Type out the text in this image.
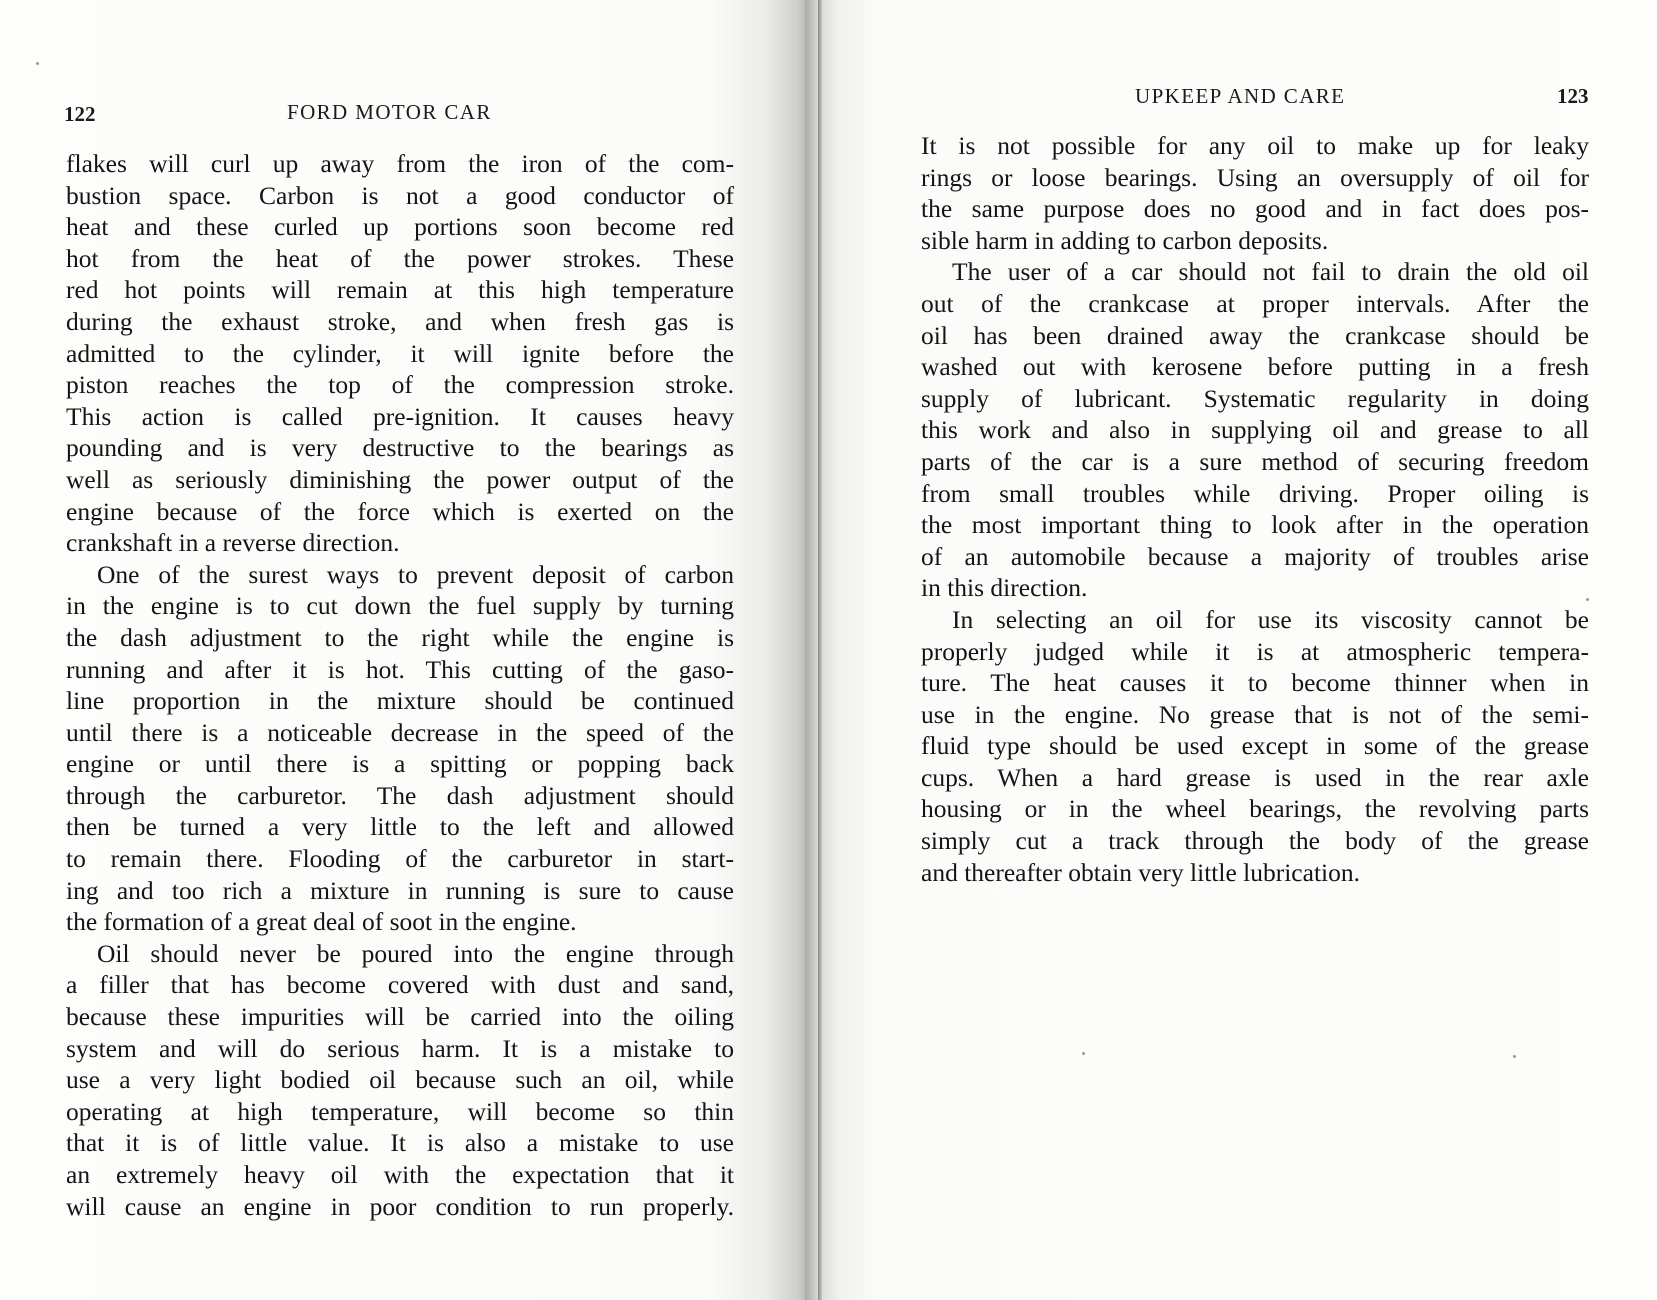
122	FORD MOTOR CAR
flakes will curl up away from the iron of the com-
bustion space. Carbon is not a good conductor of
heat and these curled up portions soon become red
hot from the heat of the power strokes. These
red hot points will remain at this high temperature
during the exhaust stroke, and when fresh gas is
admitted to the cylinder, it will ignite before the
piston reaches the top of the compression stroke.
This action is called pre-ignition. It causes heavy
pounding and is very destructive to the bearings as
well as seriously diminishing the power output of the
engine because of the force which is exerted on the
crankshaft in a reverse direction.
One of the surest ways to prevent deposit of carbon
in the engine is to cut down the fuel supply by turning
the dash adjustment to the right while the engine is
running and after it is hot. This cutting of the gaso-
line proportion in the mixture should be continued
until there is a noticeable decrease in the speed of the
engine or until there is a spitting or popping back
through the carburetor. The dash adjustment should
then be turned a very little to the left and allowed
to remain there. Flooding of the carburetor in start-
ing and too rich a mixture in running is sure to cause
the formation of a great deal of soot in the engine.
Oil should never be poured into the engine through
a filler that has become covered with dust and sand,
because these impurities will be carried into the oiling
system and will do serious harm. It is a mistake to
use a very light bodied oil because such an oil, while
operating at high temperature, will become so thin
that it is of little value. It is also a mistake to use
an extremely heavy oil with the expectation that it
will cause an engine in poor condition to run properly.
UPKEEP AND CARE	123
It is not possible for any oil to make up for leaky
rings or loose bearings. Using an oversupply of oil for
the same purpose does no good and in fact does pos-
sible harm in adding to carbon deposits.
The user of a car should not fail to drain the old oil
out of the crankcase at proper intervals. After the
oil has been drained away the crankcase should be
washed out with kerosene before putting in a fresh
supply of lubricant. Systematic regularity in doing
this work and also in supplying oil and grease to all
parts of the car is a sure method of securing freedom
from small troubles while driving. Proper oiling is
the most important thing to look after in the operation
of an automobile because a majority of troubles arise
in this direction.
In selecting an oil for use its viscosity cannot be
properly judged while it is at atmospheric tempera-
ture. The heat causes it to become thinner when in
use in the engine. No grease that is not of the semi-
fluid type should be used except in some of the grease
cups. When a hard grease is used in the rear axle
housing or in the wheel bearings, the revolving parts
simply cut a track through the body of the grease
and thereafter obtain very little lubrication.
